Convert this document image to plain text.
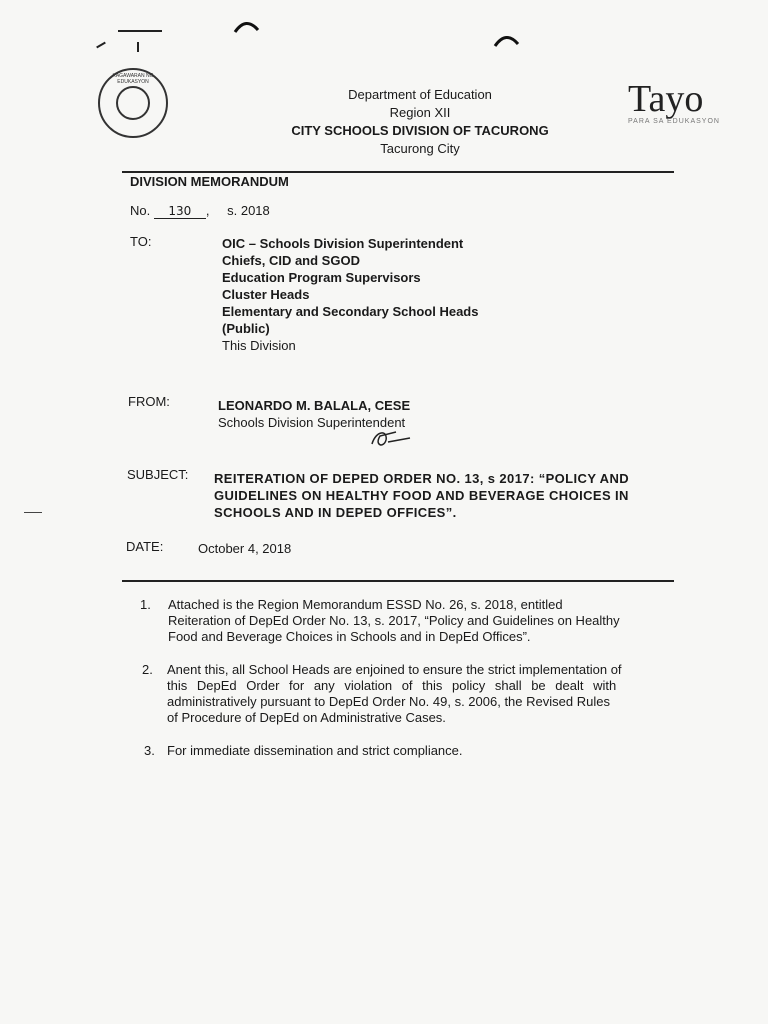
KAGAWARAN NG EDUKASYON
Department of Education
Region XII
CITY SCHOOLS DIVISION OF TACURONG
Tacurong City
Tayo
PARA SA EDUKASYON
DIVISION MEMORANDUM
No. 130 , s. 2018
TO:	OIC – Schools Division Superintendent
Chiefs, CID and SGOD
Education Program Supervisors
Cluster Heads
Elementary and Secondary School Heads
(Public)
This Division
FROM:	LEONARDO M. BALALA, CESE
Schools Division Superintendent
SUBJECT: REITERATION OF DEPED ORDER NO. 13, s 2017: “POLICY AND
GUIDELINES ON HEALTHY FOOD AND BEVERAGE CHOICES IN
SCHOOLS AND IN DEPED OFFICES”.
DATE:	October 4, 2018
1. Attached is the Region Memorandum ESSD No. 26, s. 2018, entitled
Reiteration of DepEd Order No. 13, s. 2017, “Policy and Guidelines on Healthy
Food and Beverage Choices in Schools and in DepEd Offices”.
2. Anent this, all School Heads are enjoined to ensure the strict implementation of
this DepEd Order for any violation of this policy shall be dealt with
administratively pursuant to DepEd Order No. 49, s. 2006, the Revised Rules
of Procedure of DepEd on Administrative Cases.
3. For immediate dissemination and strict compliance.
